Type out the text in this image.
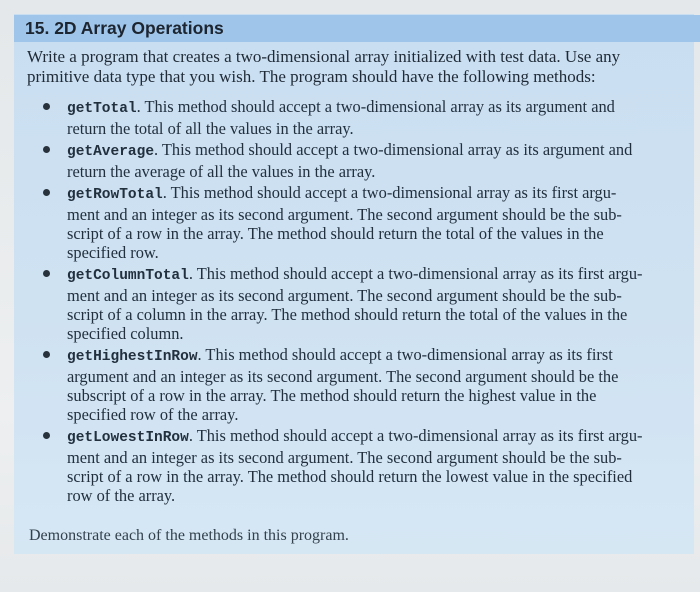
15. 2D Array Operations
Write a program that creates a two-dimensional array initialized with test data. Use any
primitive data type that you wish. The program should have the following methods:
getTotal. This method should accept a two-dimensional array as its argument and
return the total of all the values in the array.
getAverage. This method should accept a two-dimensional array as its argument and
return the average of all the values in the array.
getRowTotal. This method should accept a two-dimensional array as its first argu-
ment and an integer as its second argument. The second argument should be the sub-
script of a row in the array. The method should return the total of the values in the
specified row.
getColumnTotal. This method should accept a two-dimensional array as its first argu-
ment and an integer as its second argument. The second argument should be the sub-
script of a column in the array. The method should return the total of the values in the
specified column.
getHighestInRow. This method should accept a two-dimensional array as its first
argument and an integer as its second argument. The second argument should be the
subscript of a row in the array. The method should return the highest value in the
specified row of the array.
getLowestInRow. This method should accept a two-dimensional array as its first argu-
ment and an integer as its second argument. The second argument should be the sub-
script of a row in the array. The method should return the lowest value in the specified
row of the array.
Demonstrate each of the methods in this program.
